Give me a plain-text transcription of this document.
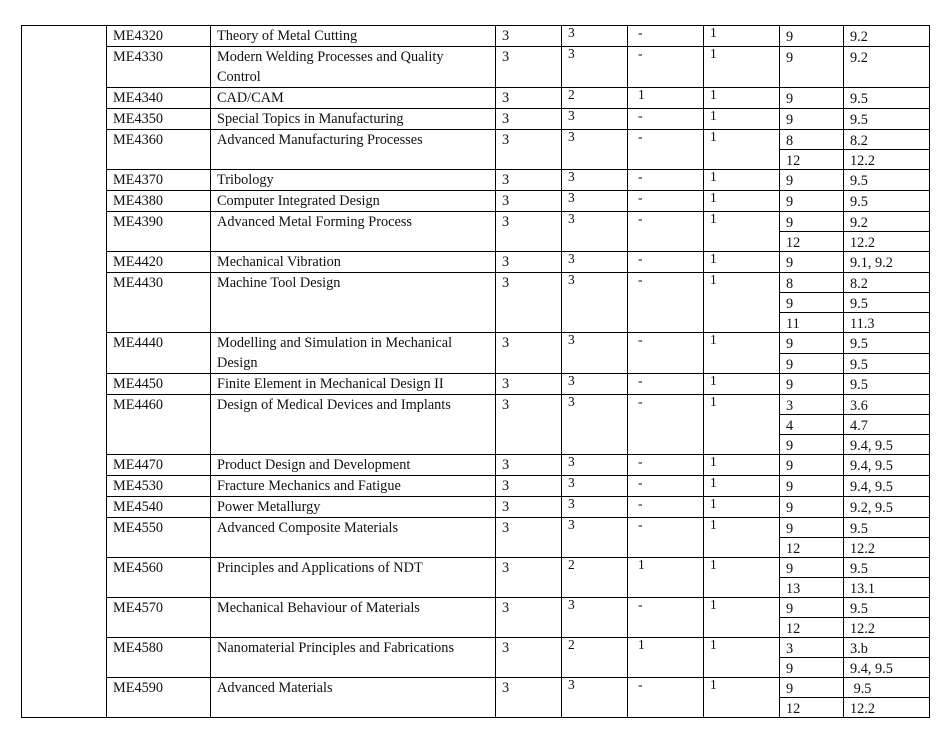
	ME4320	Theory of Metal Cutting	3	3	-	1	9	9.2
	ME4330	Modern Welding Processes and Quality Control	3	3	-	1	9	9.2
	ME4340	CAD/CAM	3	2	1	1	9	9.5
	ME4350	Special Topics in Manufacturing	3	3	-	1	9	9.5
	ME4360	Advanced Manufacturing Processes	3	3	-	1	8	8.2
							12	12.2
	ME4370	Tribology	3	3	-	1	9	9.5
	ME4380	Computer Integrated Design	3	3	-	1	9	9.5
	ME4390	Advanced Metal Forming Process	3	3	-	1	9	9.2
							12	12.2
	ME4420	Mechanical Vibration	3	3	-	1	9	9.1, 9.2
	ME4430	Machine Tool Design	3	3	-	1	8	8.2
							9	9.5
							11	11.3
	ME4440	Modelling and Simulation in Mechanical Design	3	3	-	1	9	9.5
							9	9.5
	ME4450	Finite Element in Mechanical Design II	3	3	-	1	9	9.5
	ME4460	Design of Medical Devices and Implants	3	3	-	1	3	3.6
							4	4.7
							9	9.4, 9.5
	ME4470	Product Design and Development	3	3	-	1	9	9.4, 9.5
	ME4530	Fracture Mechanics and Fatigue	3	3	-	1	9	9.4, 9.5
	ME4540	Power Metallurgy	3	3	-	1	9	9.2, 9.5
	ME4550	Advanced Composite Materials	3	3	-	1	9	9.5
							12	12.2
	ME4560	Principles and Applications of NDT	3	2	1	1	9	9.5
							13	13.1
	ME4570	Mechanical Behaviour of Materials	3	3	-	1	9	9.5
							12	12.2
	ME4580	Nanomaterial Principles and Fabrications	3	2	1	1	3	3.b
							9	9.4, 9.5
	ME4590	Advanced Materials	3	3	-	1	9	9.5
							12	12.2
